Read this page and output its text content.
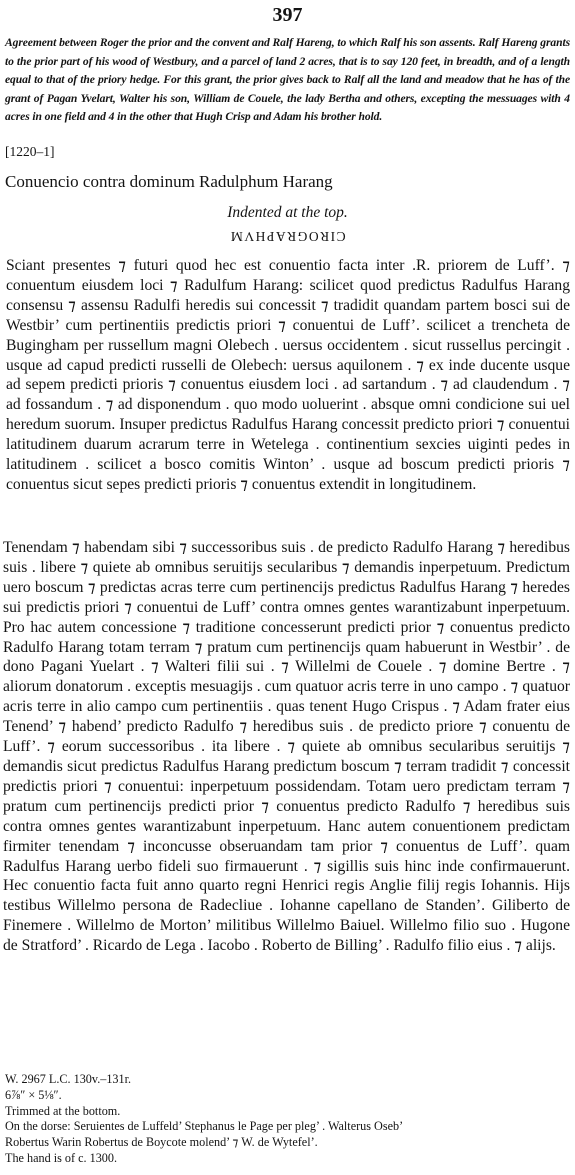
397
Agreement between Roger the prior and the convent and Ralf Hareng, to which Ralf his son assents. Ralf Hareng grants to the prior part of his wood of Westbury, and a parcel of land 2 acres, that is to say 120 feet, in breadth, and of a length equal to that of the priory hedge. For this grant, the prior gives back to Ralf all the land and meadow that he has of the grant of Pagan Yvelart, Walter his son, William de Couele, the lady Bertha and others, excepting the messuages with 4 acres in one field and 4 in the other that Hugh Crisp and Adam his brother hold.
[1220–1]
Conuencio contra dominum Radulphum Harang
Indented at the top.
CIROGRAPHVM
Sciant presentes ⁊ futuri quod hec est conuentio facta inter .R. priorem de Luff’. ⁊ conuentum eiusdem loci ⁊ Radulfum Harang: scilicet quod predictus Radulfus Harang consensu ⁊ assensu Radulfi heredis sui concessit ⁊ tradidit quandam partem bosci sui de Westbir’ cum pertinentiis predictis priori ⁊ conuentui de Luff’. scilicet a trencheta de Bugingham per russellum magni Olebech . uersus occidentem . sicut russellus percingit . usque ad capud predicti russelli de Olebech: uersus aquilonem . ⁊ ex inde ducente usque ad sepem predicti prioris ⁊ conuentus eiusdem loci . ad sartandum . ⁊ ad claudendum . ⁊ ad fossandum . ⁊ ad disponendum . quo modo uoluerint . absque omni condicione sui uel heredum suorum. Insuper predictus Radulfus Harang concessit predicto priori ⁊ conuentui latitudinem duarum acrarum terre in Wetelega . continentium sexcies uiginti pedes in latitudinem . scilicet a bosco comitis Winton’ . usque ad boscum predicti prioris ⁊ conuentus sicut sepes predicti prioris ⁊ conuentus extendit in longitudinem.
Tenendam ⁊ habendam sibi ⁊ successoribus suis . de predicto Radulfo Harang ⁊ heredibus suis . libere ⁊ quiete ab omnibus seruitijs secularibus ⁊ demandis inperpetuum. Predictum uero boscum ⁊ predictas acras terre cum pertinencijs predictus Radulfus Harang ⁊ heredes sui predictis priori ⁊ conuentui de Luff’ contra omnes gentes warantizabunt inperpetuum. Pro hac autem concessione ⁊ traditione concesserunt predicti prior ⁊ conuentus predicto Radulfo Harang totam terram ⁊ pratum cum pertinencijs quam habuerunt in Westbir’ . de dono Pagani Yuelart . ⁊ Walteri filii sui . ⁊ Willelmi de Couele . ⁊ domine Bertre . ⁊ aliorum donatorum . exceptis mesuagijs . cum quatuor acris terre in uno campo . ⁊ quatuor acris terre in alio campo cum pertinentiis . quas tenent Hugo Crispus . ⁊ Adam frater eius Tenend’ ⁊ habend’ predicto Radulfo ⁊ heredibus suis . de predicto priore ⁊ conuentu de Luff’. ⁊ eorum successoribus . ita libere . ⁊ quiete ab omnibus secularibus seruitijs ⁊ demandis sicut predictus Radulfus Harang predictum boscum ⁊ terram tradidit ⁊ concessit predictis priori ⁊ conuentui: inperpetuum possidendam. Totam uero predictam terram ⁊ pratum cum pertinencijs predicti prior ⁊ conuentus predicto Radulfo ⁊ heredibus suis contra omnes gentes warantizabunt inperpetuum. Hanc autem conuentionem predictam firmiter tenendam ⁊ inconcusse obseruandam tam prior ⁊ conuentus de Luff’. quam Radulfus Harang uerbo fideli suo firmauerunt . ⁊ sigillis suis hinc inde confirmauerunt. Hec conuentio facta fuit anno quarto regni Henrici regis Anglie filij regis Iohannis. Hijs testibus Willelmo persona de Radecliue . Iohanne capellano de Standen’. Giliberto de Finemere . Willelmo de Morton’ militibus Willelmo Baiuel. Willelmo filio suo . Hugone de Stratford’ . Ricardo de Lega . Iacobo . Roberto de Billing’ . Radulfo filio eius . ⁊ alijs.
W. 2967 L.C. 130v.–131r.
6⅞″ × 5⅛″.
Trimmed at the bottom.
On the dorse: Seruientes de Luffeld’ Stephanus le Page per pleg’ . Walterus Oseb’
Robertus Warin Robertus de Boycote molend’ ⁊ W. de Wytefel’.
The hand is of c. 1300.
